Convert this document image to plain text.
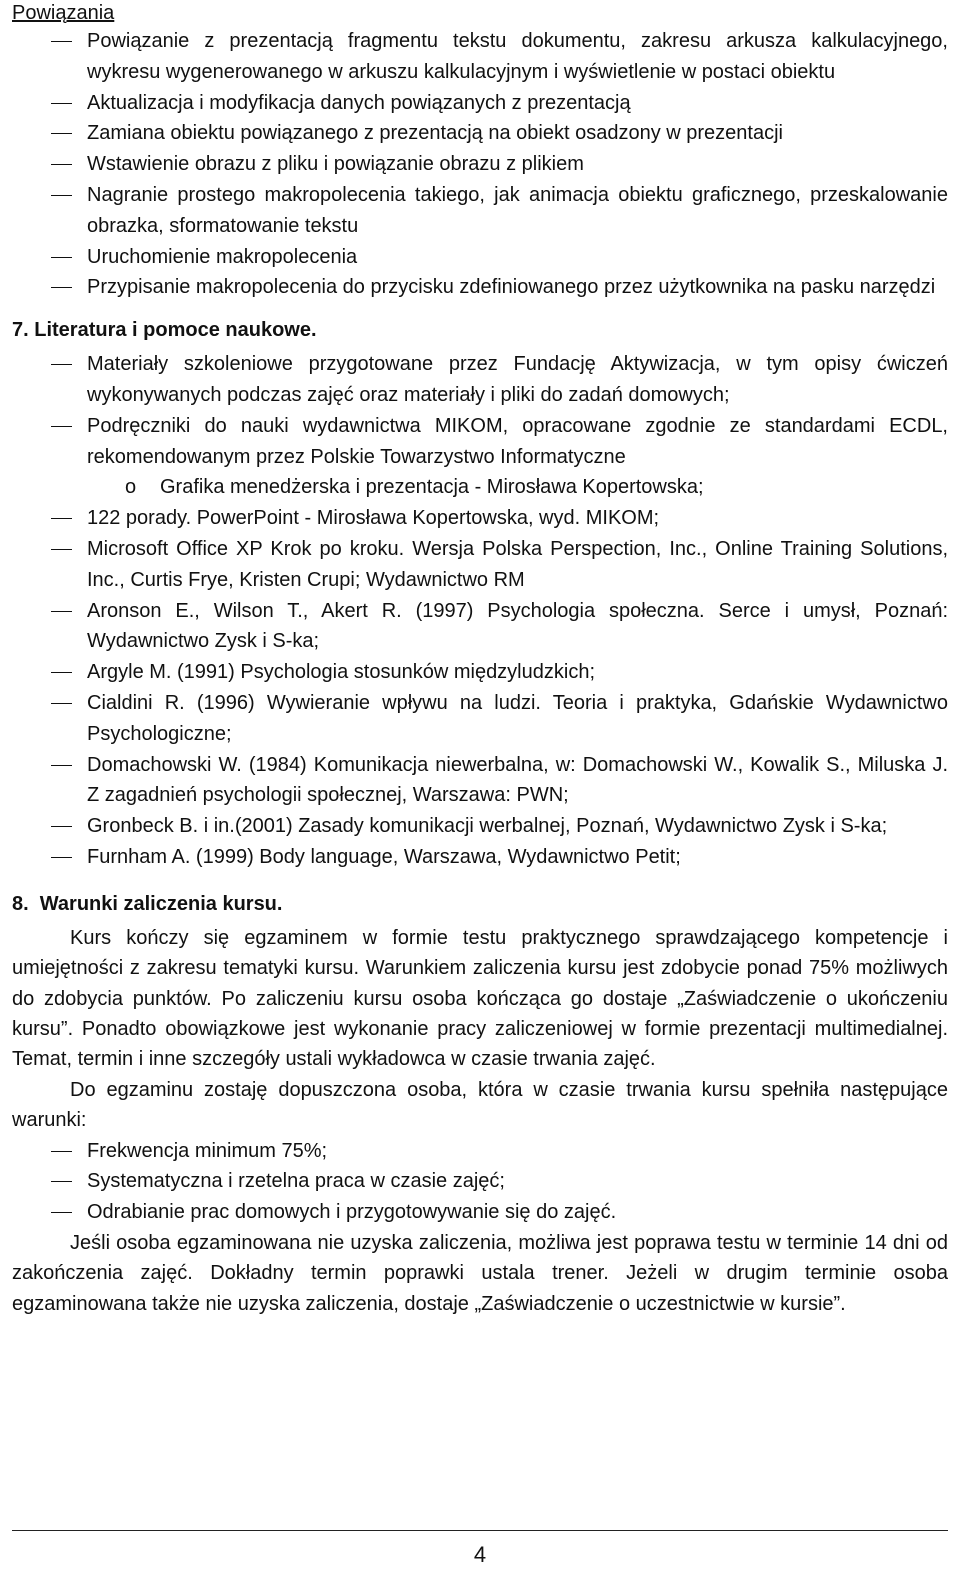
Powiązania
Powiązanie z prezentacją fragmentu tekstu dokumentu, zakresu arkusza kalkulacyjnego, wykresu wygenerowanego w arkuszu kalkulacyjnym i wyświetlenie w postaci obiektu
Aktualizacja i modyfikacja danych powiązanych z prezentacją
Zamiana obiektu powiązanego z prezentacją na obiekt osadzony w prezentacji
Wstawienie obrazu z pliku i powiązanie obrazu z plikiem
Nagranie prostego makropolecenia takiego, jak animacja obiektu graficznego, przeskalowanie obrazka, sformatowanie tekstu
Uruchomienie makropolecenia
Przypisanie makropolecenia do przycisku zdefiniowanego przez użytkownika na pasku narzędzi
7. Literatura i pomoce naukowe.
Materiały szkoleniowe przygotowane przez Fundację Aktywizacja, w tym opisy ćwiczeń wykonywanych podczas zajęć oraz materiały i pliki do zadań domowych;
Podręczniki do nauki wydawnictwa MIKOM, opracowane zgodnie ze standardami ECDL, rekomendowanym przez Polskie Towarzystwo Informatyczne
o Grafika menedżerska i prezentacja - Mirosława Kopertowska;
122 porady. PowerPoint - Mirosława Kopertowska, wyd. MIKOM;
Microsoft Office XP Krok po kroku. Wersja Polska Perspection, Inc., Online Training Solutions, Inc., Curtis Frye, Kristen Crupi; Wydawnictwo RM
Aronson E., Wilson T., Akert R. (1997) Psychologia społeczna. Serce i umysł, Poznań: Wydawnictwo Zysk i S-ka;
Argyle M. (1991) Psychologia stosunków międzyludzkich;
Cialdini R. (1996) Wywieranie wpływu na ludzi. Teoria i praktyka, Gdańskie Wydawnictwo Psychologiczne;
Domachowski W. (1984) Komunikacja niewerbalna, w: Domachowski W., Kowalik S., Miluska J. Z zagadnień psychologii społecznej, Warszawa: PWN;
Gronbeck B. i in.(2001) Zasady komunikacji werbalnej, Poznań, Wydawnictwo Zysk i S-ka;
Furnham A. (1999) Body language, Warszawa, Wydawnictwo Petit;
8.  Warunki zaliczenia kursu.

Kurs kończy się egzaminem w formie testu praktycznego sprawdzającego kompetencje i umiejętności z zakresu tematyki kursu. Warunkiem zaliczenia kursu jest zdobycie ponad 75% możliwych do zdobycia punktów. Po zaliczeniu kursu osoba kończąca go dostaje „Zaświadczenie o ukończeniu kursu”. Ponadto obowiązkowe jest wykonanie pracy zaliczeniowej w formie prezentacji multimedialnej. Temat, termin i inne szczegóły ustali wykładowca w czasie trwania zajęć.

Do egzaminu zostaję dopuszczona osoba, która w czasie trwania kursu spełniła następujące warunki:

Frekwencja minimum 75%;
Systematyczna i rzetelna praca w czasie zajęć;
Odrabianie prac domowych i przygotowywanie się do zajęć.

Jeśli osoba egzaminowana nie uzyska zaliczenia, możliwa jest poprawa testu w terminie 14 dni od zakończenia zajęć. Dokładny termin poprawki ustala trener. Jeżeli w drugim terminie osoba egzaminowana także nie uzyska zaliczenia, dostaje „Zaświadczenie o uczestnictwie w kursie”.

4
